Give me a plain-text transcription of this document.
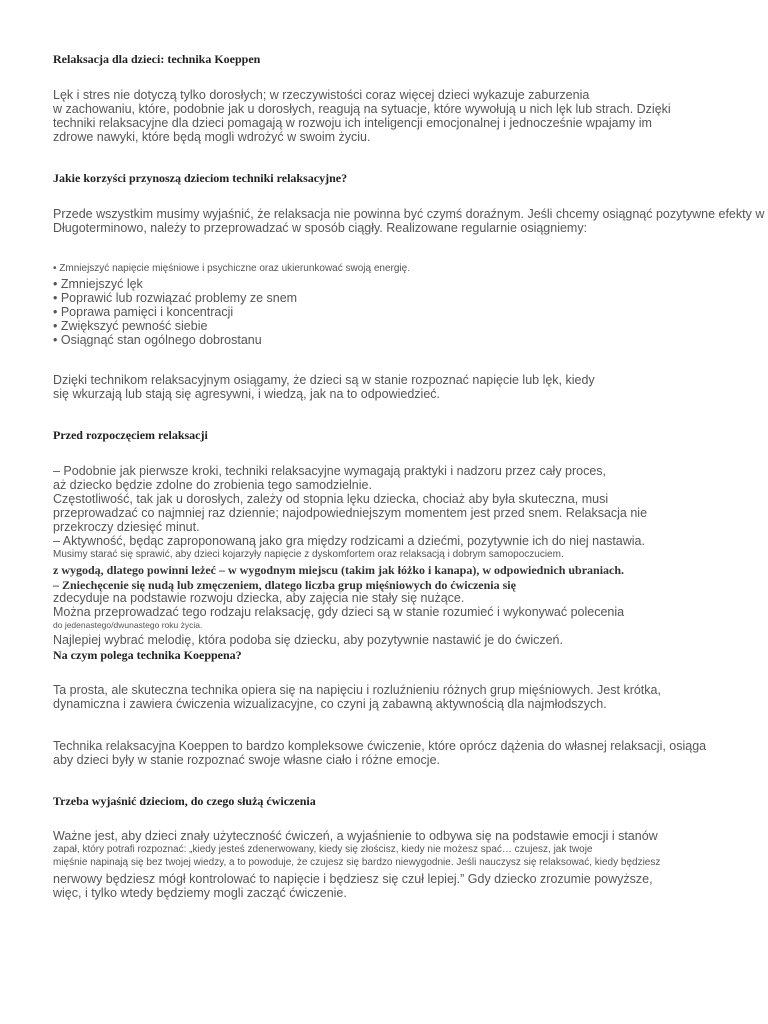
Relaksacja dla dzieci: technika Koeppen
Lęk i stres nie dotyczą tylko dorosłych; w rzeczywistości coraz więcej dzieci wykazuje zaburzenia
w zachowaniu, które, podobnie jak u dorosłych, reagują na sytuacje, które wywołują u nich lęk lub strach. Dzięki
techniki relaksacyjne dla dzieci pomagają w rozwoju ich inteligencji emocjonalnej i jednocześnie wpajamy im
zdrowe nawyki, które będą mogli wdrożyć w swoim życiu.
Jakie korzyści przynoszą dzieciom techniki relaksacyjne?
Przede wszystkim musimy wyjaśnić, że relaksacja nie powinna być czymś doraźnym. Jeśli chcemy osiągnąć pozytywne efekty w
Długoterminowo, należy to przeprowadzać w sposób ciągły. Realizowane regularnie osiągniemy:
• Zmniejszyć napięcie mięśniowe i psychiczne oraz ukierunkować swoją energię.
• Zmniejszyć lęk
• Poprawić lub rozwiązać problemy ze snem
• Poprawa pamięci i koncentracji
• Zwiększyć pewność siebie
• Osiągnąć stan ogólnego dobrostanu
Dzięki technikom relaksacyjnym osiągamy, że dzieci są w stanie rozpoznać napięcie lub lęk, kiedy
się wkurzają lub stają się agresywni, i wiedzą, jak na to odpowiedzieć.
Przed rozpoczęciem relaksacji
– Podobnie jak pierwsze kroki, techniki relaksacyjne wymagają praktyki i nadzoru przez cały proces,
aż dziecko będzie zdolne do zrobienia tego samodzielnie.
Częstotliwość, tak jak u dorosłych, zależy od stopnia lęku dziecka, chociaż aby była skuteczna, musi
przeprowadzać co najmniej raz dziennie; najodpowiedniejszym momentem jest przed snem. Relaksacja nie
przekroczy dziesięć minut.
– Aktywność, będąc zaproponowaną jako gra między rodzicami a dziećmi, pozytywnie ich do niej nastawia.
Musimy starać się sprawić, aby dzieci kojarzyły napięcie z dyskomfortem oraz relaksacją i dobrym samopoczuciem.
z wygodą, dlatego powinni leżeć – w wygodnym miejscu (takim jak łóżko i kanapa), w odpowiednich ubraniach.
– Zniechęcenie się nudą lub zmęczeniem, dlatego liczba grup mięśniowych do ćwiczenia się
zdecyduje na podstawie rozwoju dziecka, aby zajęcia nie stały się nużące.
Można przeprowadzać tego rodzaju relaksację, gdy dzieci są w stanie rozumieć i wykonywać polecenia
do jedenastego/dwunastego roku życia.
Najlepiej wybrać melodię, która podoba się dziecku, aby pozytywnie nastawić je do ćwiczeń.
Na czym polega technika Koeppena?
Ta prosta, ale skuteczna technika opiera się na napięciu i rozluźnieniu różnych grup mięśniowych. Jest krótka,
dynamiczna i zawiera ćwiczenia wizualizacyjne, co czyni ją zabawną aktywnością dla najmłodszych.
Technika relaksacyjna Koeppen to bardzo kompleksowe ćwiczenie, które oprócz dążenia do własnej relaksacji, osiąga
aby dzieci były w stanie rozpoznać swoje własne ciało i różne emocje.
Trzeba wyjaśnić dzieciom, do czego służą ćwiczenia
Ważne jest, aby dzieci znały użyteczność ćwiczeń, a wyjaśnienie to odbywa się na podstawie emocji i stanów
zapał, który potrafi rozpoznać: „kiedy jesteś zdenerwowany, kiedy się złościsz, kiedy nie możesz spać… czujesz, jak twoje
mięśnie napinają się bez twojej wiedzy, a to powoduje, że czujesz się bardzo niewygodnie. Jeśli nauczysz się relaksować, kiedy będziesz
nerwowy będziesz mógł kontrolować to napięcie i będziesz się czuł lepiej.” Gdy dziecko zrozumie powyższe,
więc, i tylko wtedy będziemy mogli zacząć ćwiczenie.
